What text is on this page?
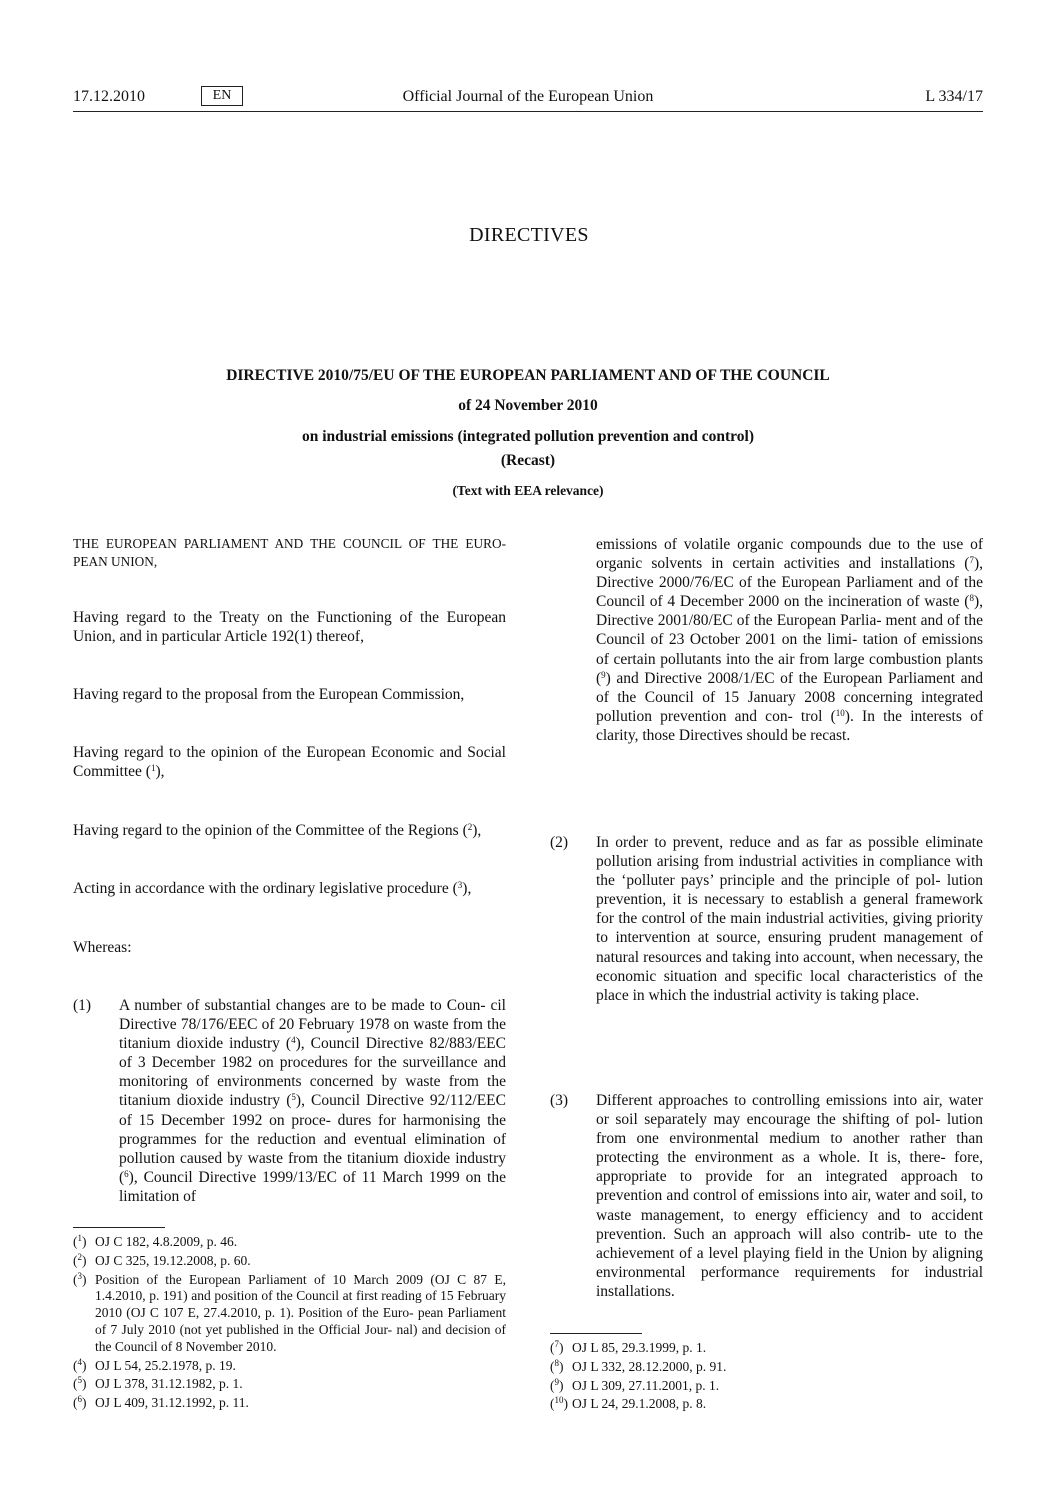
17.12.2010	Official Journal of the European Union
EN	L 334/17
DIRECTIVES
DIRECTIVE 2010/75/EU OF THE EUROPEAN PARLIAMENT AND OF THE COUNCIL
of 24 November 2010
on industrial emissions (integrated pollution prevention and control)
(Recast)
(Text with EEA relevance)
THE EUROPEAN PARLIAMENT AND THE COUNCIL OF THE EURO- PEAN UNION,
Having regard to the Treaty on the Functioning of the European Union, and in particular Article 192(1) thereof,
Having regard to the proposal from the European Commission,
Having regard to the opinion of the European Economic and Social Committee ($^1$),
Having regard to the opinion of the Committee of the Regions ($^2$),
Acting in accordance with the ordinary legislative procedure ($^3$),
Whereas:
(1) A number of substantial changes are to be made to Coun- cil Directive 78/176/EEC of 20 February 1978 on waste from the titanium dioxide industry ($^4$), Council Directive 82/883/EEC of 3 December 1982 on procedures for the surveillance and monitoring of environments concerned by waste from the titanium dioxide industry ($^5$), Council Directive 92/112/EEC of 15 December 1992 on proce- dures for harmonising the programmes for the reduction and eventual elimination of pollution caused by waste from the titanium dioxide industry ($^6$), Council Directive 1999/13/EC of 11 March 1999 on the limitation of
($^1$) OJ C 182, 4.8.2009, p. 46.
($^2$) OJ C 325, 19.12.2008, p. 60.
($^3$) Position of the European Parliament of 10 March 2009 (OJ C 87 E, 1.4.2010, p. 191) and position of the Council at first reading of 15 February 2010 (OJ C 107 E, 27.4.2010, p. 1). Position of the Euro- pean Parliament of 7 July 2010 (not yet published in the Official Jour- nal) and decision of the Council of 8 November 2010.
($^4$) OJ L 54, 25.2.1978, p. 19.
($^5$) OJ L 378, 31.12.1982, p. 1.
($^6$) OJ L 409, 31.12.1992, p. 11.
emissions of volatile organic compounds due to the use of organic solvents in certain activities and installations ($^7$), Directive 2000/76/EC of the European Parliament and of the Council of 4 December 2000 on the incineration of waste ($^8$), Directive 2001/80/EC of the European Parlia- ment and of the Council of 23 October 2001 on the limi- tation of emissions of certain pollutants into the air from large combustion plants ($^9$) and Directive 2008/1/EC of the European Parliament and of the Council of 15 January 2008 concerning integrated pollution prevention and con- trol ($^{10}$). In the interests of clarity, those Directives should be recast.
(2) In order to prevent, reduce and as far as possible eliminate pollution arising from industrial activities in compliance with the ‘polluter pays’ principle and the principle of pol- lution prevention, it is necessary to establish a general framework for the control of the main industrial activities, giving priority to intervention at source, ensuring prudent management of natural resources and taking into account, when necessary, the economic situation and specific local characteristics of the place in which the industrial activity is taking place.
(3) Different approaches to controlling emissions into air, water or soil separately may encourage the shifting of pol- lution from one environmental medium to another rather than protecting the environment as a whole. It is, there- fore, appropriate to provide for an integrated approach to prevention and control of emissions into air, water and soil, to waste management, to energy efficiency and to accident prevention. Such an approach will also contrib- ute to the achievement of a level playing field in the Union by aligning environmental performance requirements for industrial installations.
($^7$) OJ L 85, 29.3.1999, p. 1.
($^8$) OJ L 332, 28.12.2000, p. 91.
($^9$) OJ L 309, 27.11.2001, p. 1.
($^{10}$) OJ L 24, 29.1.2008, p. 8.
